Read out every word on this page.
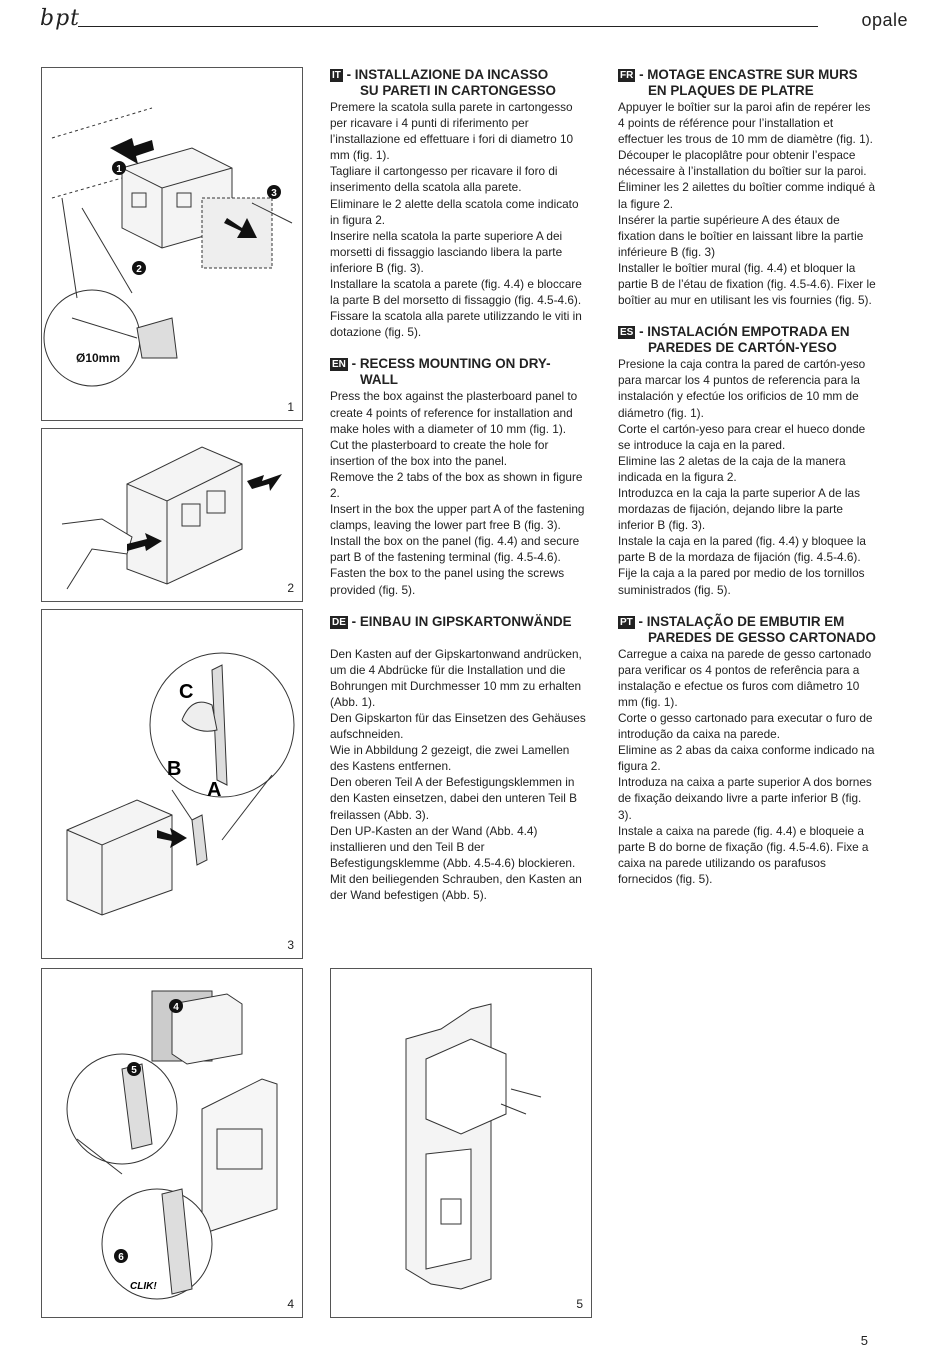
bpt	opale
1
2
3
Ø10mm
1
2
C
B
A
3
4
5
6
CLIK!
4	5
IT - INSTALLAZIONE DA INCASSO
SU PARETI IN CARTONGESSO

Premere la scatola sulla parete in cartongesso per ricavare i 4 punti di riferimento per l’installazione ed effettuare i fori di diametro 10 mm (fig. 1).

Tagliare il cartongesso per ricavare il foro di inserimento della scatola alla parete.

Eliminare le 2 alette della scatola come indicato in figura 2.

Inserire nella scatola la parte superiore A dei morsetti di fissaggio lasciando libera la parte inferiore B (fig. 3).

Installare la scatola a parete (fig. 4.4) e bloccare la parte B del morsetto di fissaggio (fig. 4.5-4.6).

Fissare la scatola alla parete utilizzando le viti in dotazione (fig. 5).

EN - RECESS MOUNTING ON DRY-
WALL

Press the box against the plasterboard panel to create 4 points of reference for installation and make holes with a diameter of 10 mm (fig. 1).

Cut the plasterboard to create the hole for insertion of the box into the panel.

Remove the 2 tabs of the box as shown in figure 2.

Insert in the box the upper part A of the fastening clamps, leaving the lower part free B (fig. 3).

Install the box on the panel (fig. 4.4) and secure part B of the fastening terminal (fig. 4.5-4.6). Fasten the box to the panel using the screws provided (fig. 5).

DE - EINBAU IN GIPSKARTONWÄNDE

Den Kasten auf der Gipskartonwand andrücken, um die 4 Abdrücke für die Installation und die Bohrungen mit Durchmesser 10 mm zu erhalten (Abb. 1).

Den Gipskarton für das Einsetzen des Gehäuses aufschneiden.

Wie in Abbildung 2 gezeigt, die zwei Lamellen des Kastens entfernen.

Den oberen Teil A der Befestigungsklemmen in den Kasten einsetzen, dabei den unteren Teil B freilassen (Abb. 3).

Den UP-Kasten an der Wand (Abb. 4.4) installieren und den Teil B der Befestigungsklemme (Abb. 4.5-4.6) blockieren. Mit den beiliegenden Schrauben, den Kasten an der Wand befestigen (Abb. 5).

FR - MOTAGE ENCASTRE SUR MURS
EN PLAQUES DE PLATRE

Appuyer le boîtier sur la paroi afin de repérer les 4 points de référence pour l’installation et effectuer les trous de 10 mm de diamètre (fig. 1).

Découper le placoplâtre pour obtenir l’espace nécessaire à l’installation du boîtier sur la paroi.

Éliminer les 2 ailettes du boîtier comme indiqué à la figure 2.

Insérer la partie supérieure A des étaux de fixation dans le boîtier en laissant libre la partie inférieure B (fig. 3)

Installer le boîtier mural (fig. 4.4) et bloquer la partie B de l’étau de fixation (fig. 4.5-4.6). Fixer le boîtier au mur en utilisant les vis fournies (fig. 5).

ES - INSTALACIÓN EMPOTRADA EN
PAREDES DE CARTÓN-YESO

Presione la caja contra la pared de cartón-yeso para marcar los 4 puntos de referencia para la instalación y efectúe los orificios de 10 mm de diámetro (fig. 1).

Corte el cartón-yeso para crear el hueco donde se introduce la caja en la pared.

Elimine las 2 aletas de la caja de la manera indicada en la figura 2.

Introduzca en la caja la parte superior A de las mordazas de fijación, dejando libre la parte inferior B (fig. 3).

Instale la caja en la pared (fig. 4.4) y bloquee la parte B de la mordaza de fijación (fig. 4.5-4.6). Fije la caja a la pared por medio de los tornillos suministrados (fig. 5).

PT - INSTALAÇÃO DE EMBUTIR EM
PAREDES DE GESSO CARTONADO

Carregue a caixa na parede de gesso cartonado para verificar os 4 pontos de referência para a instalação e efectue os furos com diâmetro 10 mm (fig. 1).

Corte o gesso cartonado para executar o furo de introdução da caixa na parede.

Elimine as 2 abas da caixa conforme indicado na figura 2.

Introduza na caixa a parte superior A dos bornes de fixação deixando livre a parte inferior B (fig. 3).

Instale a caixa na parede (fig. 4.4) e bloqueie a parte B do borne de fixação (fig. 4.5-4.6). Fixe a caixa na parede utilizando os parafusos fornecidos (fig. 5).

5
